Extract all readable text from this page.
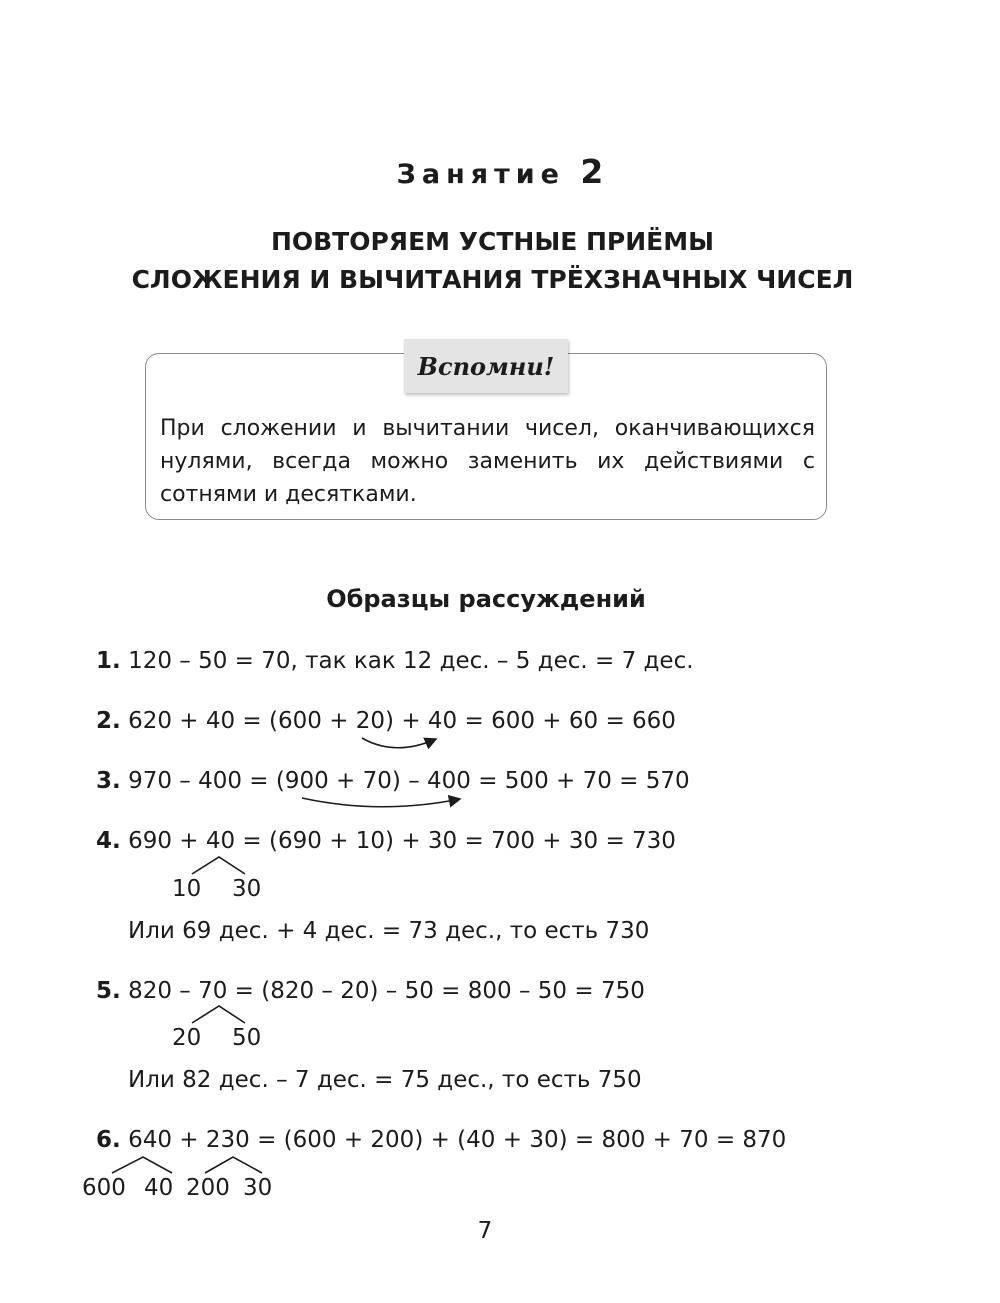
Занятие 2
ПОВТОРЯЕМ УСТНЫЕ ПРИЁМЫ
СЛОЖЕНИЯ И ВЫЧИТАНИЯ ТРЁХЗНАЧНЫХ ЧИСЕЛ
Вспомни!
При сложении и вычитании чисел, оканчивающихся нулями, всегда можно заменить их действиями с сотнями и десятками.
Образцы рассуждений
1. 120 – 50 = 70, так как 12 дес. – 5 дес. = 7 дес.
2. 620 + 40 = (600 + 20) + 40 = 600 + 60 = 660
3. 970 – 400 = (900 + 70) – 400 = 500 + 70 = 570
4. 690 + 40 = (690 + 10) + 30 = 700 + 30 = 730
10 30
Или 69 дес. + 4 дес. = 73 дес., то есть 730
5. 820 – 70 = (820 – 20) – 50 = 800 – 50 = 750
20 50
Или 82 дес. – 7 дес. = 75 дес., то есть 750
6. 640 + 230 = (600 + 200) + (40 + 30) = 800 + 70 = 870
600 40 200 30
7
